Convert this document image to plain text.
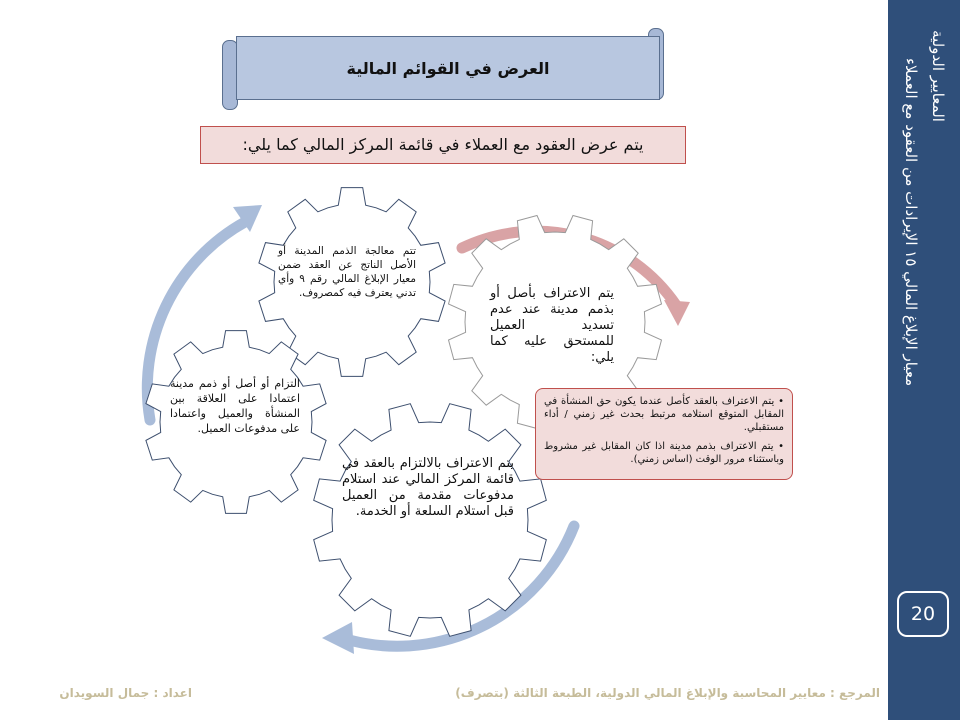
المعايير الدولية
معيار الإبلاغ المالي ١٥ الإيرادات من العقود مع العملاء
20
العرض في القوائم المالية
يتم عرض العقود مع العملاء في قائمة المركز المالي كما يلي:
تتم معالجة الذمم المدينة أو الأصل الناتج عن العقد ضمن معيار الإبلاغ المالي رقم ٩ وأي تدني يعترف فيه كمصروف.
التزام أو أصل أو ذمم مدينة اعتمادا على العلاقة بين المنشأة والعميل واعتمادا على مدفوعات العميل.
يتم الاعتراف بالالتزام بالعقد في قائمة المركز المالي عند استلام مدفوعات مقدمة من العميل قبل استلام السلعة أو الخدمة.
يتم الاعتراف بأصل أو بذمم مدينة عند عدم تسديد العميل للمستحق عليه كما يلي:

• يتم الاعتراف بالعقد كأصل عندما يكون حق المنشأة في المقابل المتوقع استلامه مرتبط بحدث غير زمني / أداء مستقبلي.

• يتم الاعتراف بذمم مدينة اذا كان المقابل غير مشروط وباستثناء مرور الوقت (اساس زمني).

اعداد : جمال السويدان	المرجع : معايير المحاسبة والإبلاغ المالي الدولية، الطبعة الثالثة (بتصرف)
